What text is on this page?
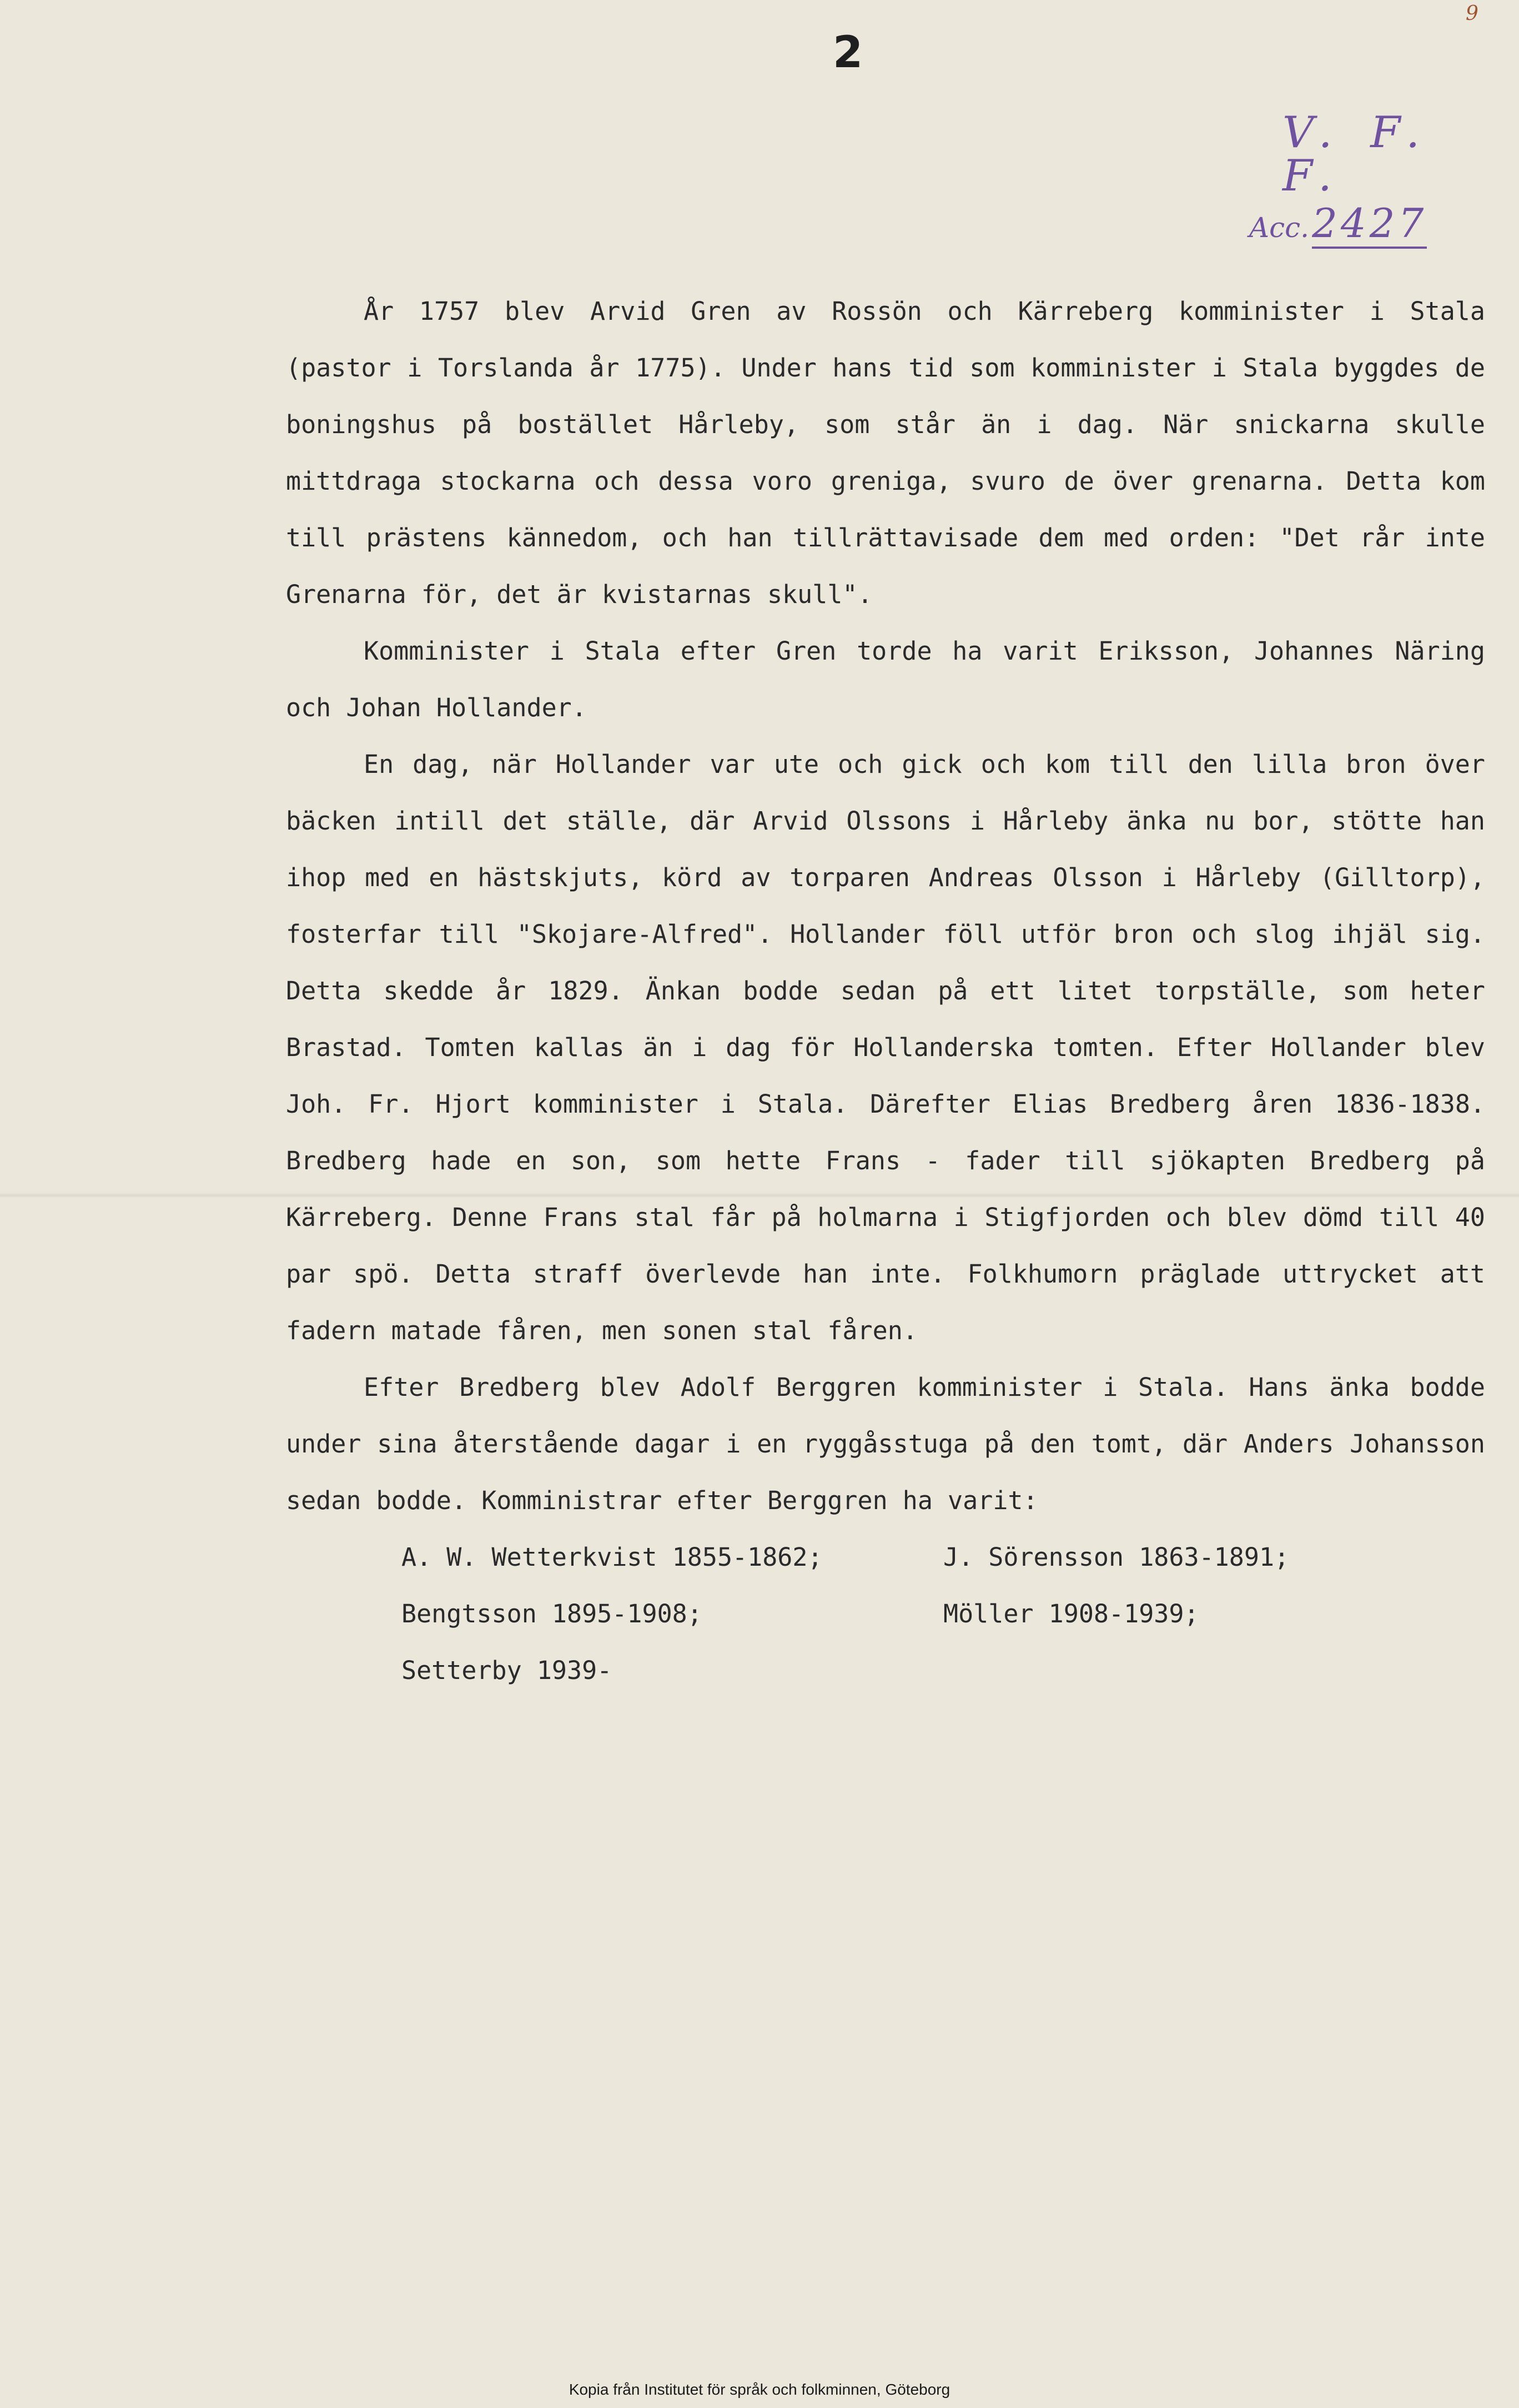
9
2
V. F. F.
Acc. 2427

År 1757 blev Arvid Gren av Rossön och Kärreberg komminister i Stala (pastor i Torslanda år 1775). Under hans tid som komminister i Stala byggdes de boningshus på bostället Hårleby, som står än i dag. När snickarna skulle mittdraga stockarna och dessa voro greniga, svuro de över grenarna. Detta kom till prästens kännedom, och han tillrättavisade dem med orden: "Det rår inte Grenarna för, det är kvistarnas skull".

Komminister i Stala efter Gren torde ha varit Eriksson, Johannes Näring och Johan Hollander.

En dag, när Hollander var ute och gick och kom till den lilla bron över bäcken intill det ställe, där Arvid Olssons i Hårleby änka nu bor, stötte han ihop med en hästskjuts, körd av torparen Andreas Olsson i Hårleby (Gilltorp), fosterfar till "Skojare-Alfred". Hollander föll utför bron och slog ihjäl sig. Detta skedde år 1829. Änkan bodde sedan på ett litet torpställe, som heter Brastad. Tomten kallas än i dag för Hollanderska tomten. Efter Hollander blev Joh. Fr. Hjort komminister i Stala. Därefter Elias Bredberg åren 1836-1838. Bredberg hade en son, som hette Frans - fader till sjökapten Bredberg på Kärreberg. Denne Frans stal får på holmarna i Stigfjorden och blev dömd till 40 par spö. Detta straff överlevde han inte. Folkhumorn präglade uttrycket att fadern matade fåren, men sonen stal fåren.

Efter Bredberg blev Adolf Berggren komminister i Stala. Hans änka bodde under sina återstående dagar i en ryggåsstuga på den tomt, där Anders Johansson sedan bodde. Komministrar efter Berggren ha varit:

A. W. Wetterkvist 1855-1862;	J. Sörensson 1863-1891;
Bengtsson 1895-1908;	Möller 1908-1939;
Setterby 1939-
Kopia från Institutet för språk och folkminnen, Göteborg
